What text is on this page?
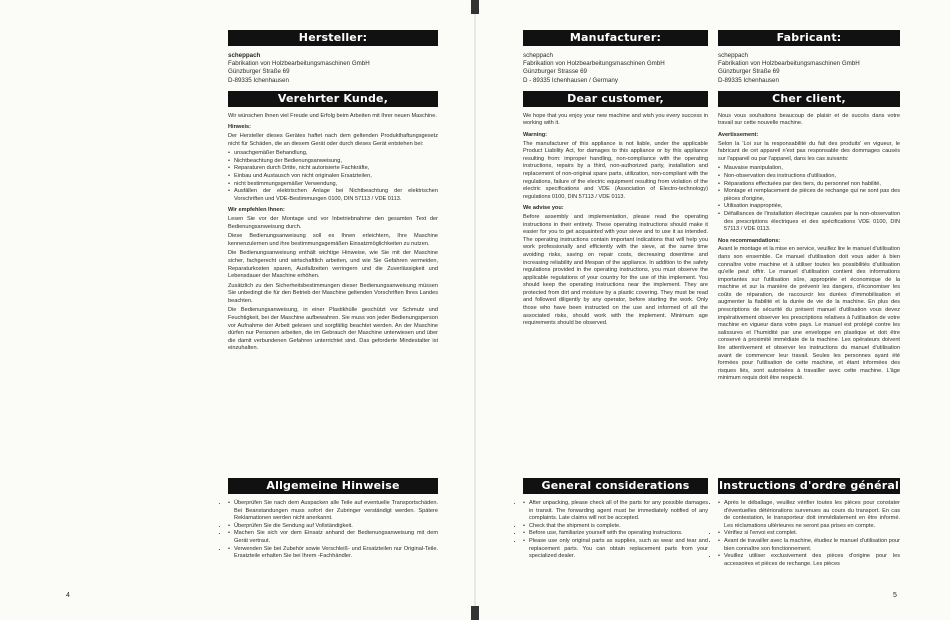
Hersteller:
scheppach
Fabrikation von Holzbearbeitungsmaschinen GmbH
Günzburger Straße 69
D-89335 Ichenhausen
Verehrter Kunde,

Wir wünschen Ihnen viel Freude und Erfolg beim Arbeiten mit Ihrer neuen Maschine.

Hinweis:

Der Hersteller dieses Gerätes haftet nach dem geltenden Produkthaftungsgesetz nicht für Schäden, die an diesem Gerät oder durch dieses Gerät entstehen bei:

• unsachgemäßer Behandlung,
• Nichtbeachtung der Bedienungsanweisung,
• Reparaturen durch Dritte, nicht autorisierte Fachkräfte,
• Einbau und Austausch von nicht originalen Ersatzteilen,
• nicht bestimmungsgemäßer Verwendung,
• Ausfällen der elektrischen Anlage bei Nichtbeachtung der elektrischen Vorschriften und VDE-Bestimmungen 0100, DIN 57113 / VDE 0113.
Wir empfehlen Ihnen:

Lesen Sie vor der Montage und vor Inbetriebnahme den gesamten Text der Bedienungsanweisung durch.

Diese Bedienungsanweisung soll es Ihnen erleichtern, Ihre Maschine kennenzulernen und ihre bestimmungsgemäßen Einsatzmöglichkeiten zu nutzen.

Die Bedienungsanweisung enthält wichtige Hinweise, wie Sie mit der Maschine sicher, fachgerecht und wirtschaftlich arbeiten, und wie Sie Gefahren vermeiden, Reparaturkosten sparen, Ausfallzeiten verringern und die Zuverlässigkeit und Lebensdauer der Maschine erhöhen.

Zusätzlich zu den Sicherheitsbestimmungen dieser Bedienungsanweisung müssen Sie unbedingt die für den Betrieb der Maschine geltenden Vorschriften Ihres Landes beachten.

Die Bedienungsanweisung, in einer Plastikhülle geschützt vor Schmutz und Feuchtigkeit, bei der Maschine aufbewahren. Sie muss von jeder Bedienungsperson vor Aufnahme der Arbeit gelesen und sorgfältig beachtet werden. An der Maschine dürfen nur Personen arbeiten, die im Gebrauch der Maschine unterwiesen und über die damit verbundenen Gefahren unterrichtet sind. Das geforderte Mindestalter ist einzuhalten.

Allgemeine Hinweise
• • Überprüfen Sie nach dem Auspacken alle Teile auf eventuelle Transportschäden. Bei Beanstandungen muss sofort der Zubringer verständigt werden. Spätere Reklamationen werden nicht anerkannt.
• • Überprüfen Sie die Sendung auf Vollständigkeit.
• • Machen Sie sich vor dem Einsatz anhand der Bedienungsanweisung mit dem Gerät vertraut.
• • Verwenden Sie bei Zubehör sowie Verschleiß- und Ersatzteilen nur Original-Teile. Ersatzteile erhalten Sie bei Ihrem ‑Fachhändler.
4
Manufacturer:
scheppach
Fabrikation von Holzbearbeitungsmaschinen GmbH
Günzburger Strasse 69
D - 89335 Ichenhausen / Germany
Dear customer,

We hope that you enjoy your new machine and wish you every success in working with it.

Warning:

The manufacturer of this appliance is not liable, under the applicable Product Liability Act, for damages to this appliance or by this appliance resulting from: improper handling, non-compliance with the operating instructions, repairs by a third, non-authorized party, installation and replacement of non-original spare parts, utilization, non-compliant with the regulations, failure of the electric equipment resulting from violation of the electric specifications and VDE (Association of Electro-technology) regulations 0100, DIN 57113 / VDE 0113.

We advise you:

Before assembly and implementation, please read the operating instructions in their entirety. These operating instructions should make it easier for you to get acquainted with your sieve and to use it as intended. The operating instructions contain important indications that will help you work professionally and efficiently with the sieve, at the same time avoiding risks, saving on repair costs, decreasing downtime and increasing reliability and lifespan of the appliance. In addition to the safety regulations provided in the operating instructions, you must observe the applicable regulations of your country for the use of this implement. You should keep the operating instructions near the implement. They are protected from dirt and moisture by a plastic covering. They must be read and followed diligently by any operator, before starting the work. Only those who have been instructed on the use and informed of all the associated risks, should work with the implement. Minimum age requirements should be observed.

General considerations
• • After unpacking, please check all of the parts for any possible damages in transit. The forwarding agent must be immediately notified of any complaints. Late claims will not be accepted.
• • Check that the shipment is complete.
• • Before use, familiarize yourself with the operating instructions.
• • Please use only original parts as supplies, such as wear and tear and replacement parts. You can obtain replacement parts from your specialized dealer.
Fabricant:
scheppach
Fabrikation von Holzbearbeitungsmaschinen GmbH
Günzburger Straße 69
D-89335 Ichenhausen
Cher client,

Nous vous souhaitons beaucoup de plaisir et de succès dans votre travail sur cette nouvelle machine.

Avertissement:

Selon la 'Loi sur la responsabilité du fait des produits' en vigueur, le fabricant de cet appareil n'est pas responsable des dommages causés sur l'appareil ou par l'appareil, dans les cas suivants:

• Mauvaise manipulation,
• Non-observation des instructions d'utilisation,
• Réparations effectuées par des tiers, du personnel non habilité,
• Montage et remplacement de pièces de rechange qui ne sont pas des pièces d'origine,
• Utilisation inappropriée,
• Défaillances de l'installation électrique causées par la non-observation des prescriptions électriques et des spécifications VDE 0100, DIN 57113 / VDE 0113.
Nos recommandations:

Avant le montage et la mise en service, veuillez lire le manuel d'utilisation dans son ensemble. Ce manuel d'utilisation doit vous aider à bien connaître votre machine et à utiliser toutes les possibilités d'utilisation qu'elle peut offrir. Le manuel d'utilisation contient des informations importantes sur l'utilisation sûre, appropriée et économique de la machine et sur la manière de prévenir les dangers, d'économiser les coûts de réparation, de raccourcir les durées d'immobilisation et augmenter la fiabilité et la durée de vie de la machine. En plus des prescriptions de sécurité du présent manuel d'utilisation vous devez impérativement observer les prescriptions relatives à l'utilisation de votre machine en vigueur dans votre pays. Le manuel est protégé contre les salissures et l'humidité par une enveloppe en plastique et doit être conservé à proximité immédiate de la machine. Les opérateurs doivent lire attentivement et observer les instructions du manuel d'utilisation avant de commencer leur travail. Seules les personnes ayant été formées pour l'utilisation de cette machine, et étant informées des risques liés, sont autorisées à travailler avec cette machine. L'âge minimum requis doit être respecté.

Instructions d'ordre général
• • Après le déballage, veuillez vérifier toutes les pièces pour constater d'éventuelles détériorations survenues au cours du transport. En cas de contestation, le transporteur doit immédiatement en être informé. Les réclamations ultérieures ne seront pas prises en compte.
• • Vérifiez si l'envoi est complet.
• • Avant de travailler avec la machine, étudiez le manuel d'utilisation pour bien connaître son fonctionnement.
• • Veuillez utiliser exclusivement des pièces d'origine pour les accessoires et pièces de rechange. Les pièces
5
